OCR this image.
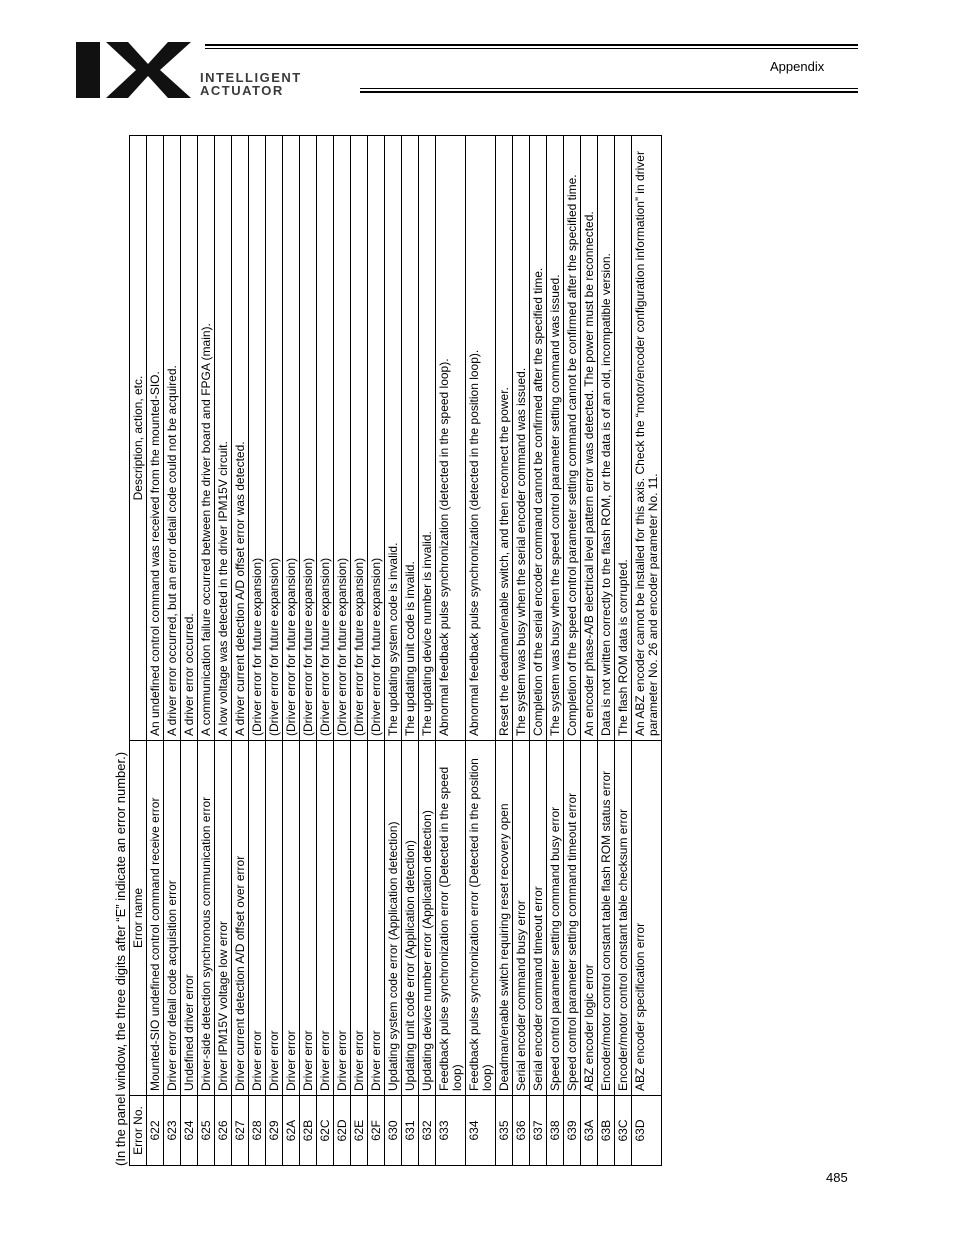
INTELLIGENT
ACTUATOR
Appendix
(In the panel window, the three digits after “E” indicate an error number.) Error No.	Error name	Description, action, etc.
622	Mounted-SIO undefined control command receive error	An undefined control command was received from the mounted-SIO.
623	Driver error detail code acquisition error	A driver error occurred, but an error detail code could not be acquired.
624	Undefined driver error	A driver error occurred.
625	Driver-side detection synchronous communication error	A communication failure occurred between the driver board and FPGA (main).
626	Driver IPM15V voltage low error	A low voltage was detected in the driver IPM15V circuit.
627	Driver current detection A/D offset over error	A driver current detection A/D offset error was detected.
628	Driver error	(Driver error for future expansion)
629	Driver error	(Driver error for future expansion)
62A	Driver error	(Driver error for future expansion)
62B	Driver error	(Driver error for future expansion)
62C	Driver error	(Driver error for future expansion)
62D	Driver error	(Driver error for future expansion)
62E	Driver error	(Driver error for future expansion)
62F	Driver error	(Driver error for future expansion)
630	Updating system code error (Application detection)	The updating system code is invalid.
631	Updating unit code error (Application detection)	The updating unit code is invalid.
632	Updating device number error (Application detection)	The updating device number is invalid.
633	Feedback pulse synchronization error (Detected in the speed loop)	Abnormal feedback pulse synchronization (detected in the speed loop).
634	Feedback pulse synchronization error (Detected in the position loop)	Abnormal feedback pulse synchronization (detected in the position loop).
635	Deadman/enable switch requiring reset recovery open	Reset the deadman/enable switch, and then reconnect the power.
636	Serial encoder command busy error	The system was busy when the serial encoder command was issued.
637	Serial encoder command timeout error	Completion of the serial encoder command cannot be confirmed after the specified time.
638	Speed control parameter setting command busy error	The system was busy when the speed control parameter setting command was issued.
639	Speed control parameter setting command timeout error	Completion of the speed control parameter setting command cannot be confirmed after the specified time.
63A	ABZ encoder logic error	An encoder phase-A/B electrical level pattern error was detected. The power must be reconnected.
63B	Encoder/motor control constant table flash ROM status error	Data is not written correctly to the flash ROM, or the data is of an old, incompatible version.
63C	Encoder/motor control constant table checksum error	The flash ROM data is corrupted.
63D	ABZ encoder specification error	An ABZ encoder cannot be installed for this axis. Check the “motor/encoder configuration information” in driver parameter No. 26 and encoder parameter No. 11.
485
